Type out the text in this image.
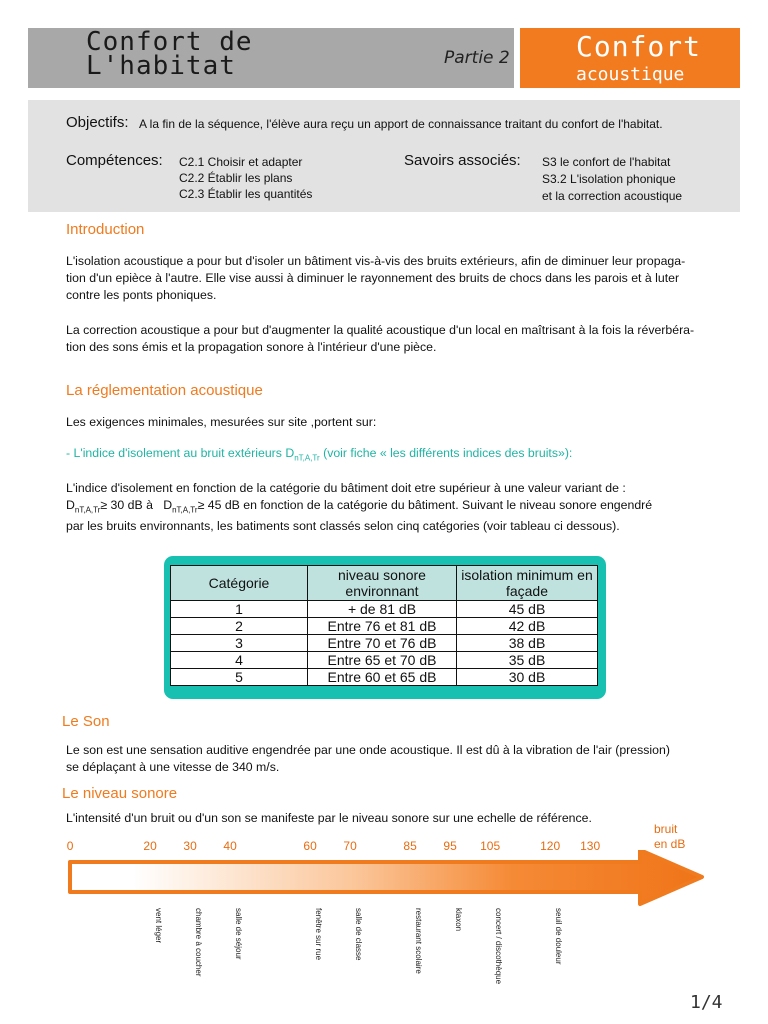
Confort de
L'habitat	Partie 2 Confort
acoustique
Objectifs: A la fin de la séquence, l'élève aura reçu un apport de connaissance traitant du confort de l'habitat.
Compétences: C2.1 Choisir et adapter
C2.2 Établir les plans
C2.3 Établir les quantités
Savoirs associés: S3 le confort de l'habitat
S3.2 L'isolation phonique
et la correction acoustique
Introduction
L'isolation acoustique a pour but d'isoler un bâtiment vis-à-vis des bruits extérieurs, afin de diminuer leur propaga-
tion d'un epièce à l'autre. Elle vise aussi à diminuer le rayonnement des bruits de chocs dans les parois et à luter
contre les ponts phoniques.
La correction acoustique a pour but d'augmenter la qualité acoustique d'un local en maîtrisant à la fois la réverbéra-
tion des sons émis et la propagation sonore à l'intérieur d'une pièce.
La réglementation acoustique
Les exigences minimales, mesurées sur site ,portent sur:
- L'indice d'isolement au bruit extérieurs $D_{nT,A,Tr}$ (voir fiche « les différents indices des bruits»):
L'indice d'isolement en fonction de la catégorie du bâtiment doit etre supérieur à une valeur variant de :
$D_{nT,A,Tr}\ge 30$ dB à $D_{nT,A,Tr}\ge 45$ dB en fonction de la catégorie du bâtiment. Suivant le niveau sonore engendré
par les bruits environnants, les batiments sont classés selon cinq catégories (voir tableau ci dessous).
Catégorie	niveau sonore environnant	isolation minimum en façade
1	+ de 81 dB	45 dB
2	Entre 76 et 81 dB	42 dB
3	Entre 70 et 76 dB	38 dB
4	Entre 65 et 70 dB	35 dB
5	Entre 60 et 65 dB	30 dB
Le Son
Le son est une sensation auditive engendrée par une onde acoustique. Il est dû à la vibration de l'air (pression)
se déplaçant à une vitesse de 340 m/s.
Le niveau sonore
L'intensité d'un bruit ou d'un son se manifeste par le niveau sonore sur une echelle de référence.
bruit
en dB
0	20
vent léger
30
chambre à coucher
40
salle de séjour
60
fenêtre sur rue
70
salle de classe
85
restaurant scolaire
95
klaxon
105
concert / discothèque
120
seuil de douleur
130
1/4
